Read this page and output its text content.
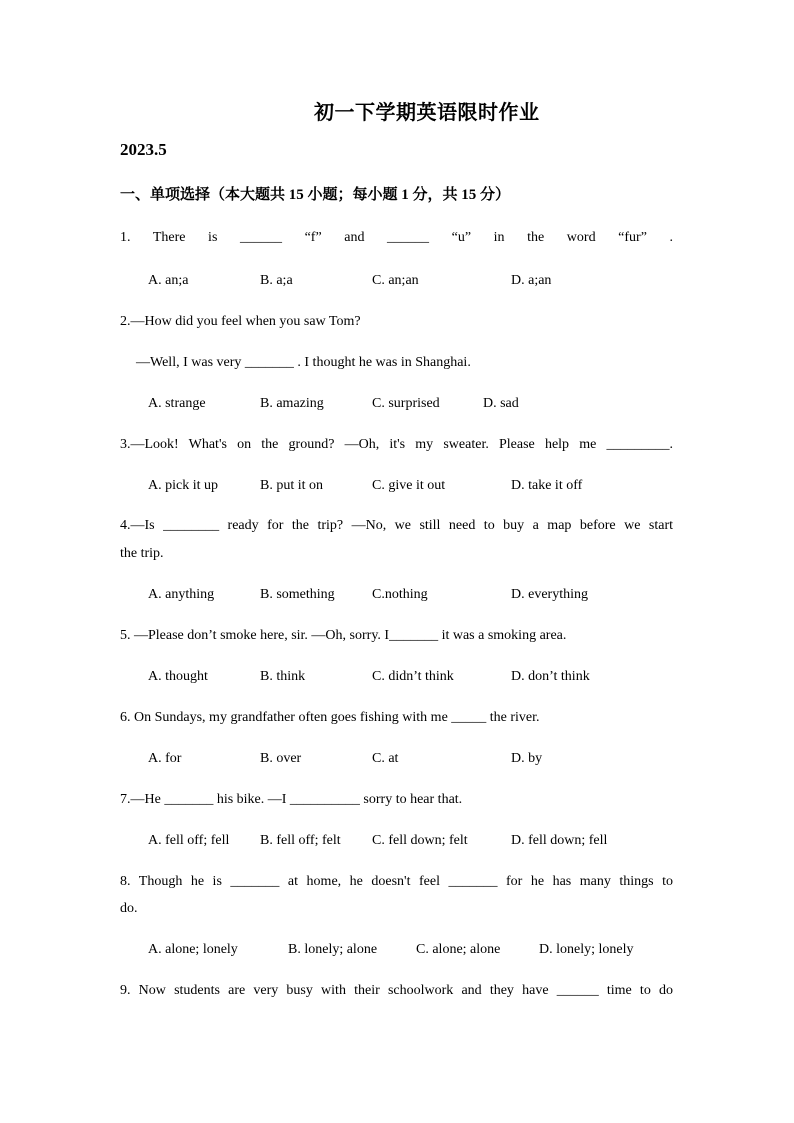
初一下学期英语限时作业
2023.5
一、单项选择（本大题共 15 小题；每小题 1 分，共 15 分）
1. There is ______ “f” and ______ “u” in the word “fur” .
A. an;a	B. a;a	C. an;an	D. a;an
2.—How did you feel when you saw Tom?
—Well, I was very _______ . I thought he was in Shanghai.
A. strange	B. amazing	C. surprised	D. sad
3.—Look! What's on the ground? —Oh, it's my sweater. Please help me _________.
A. pick it up	B. put it on	C. give it out	D. take it off
4.—Is ________ ready for the trip? —No, we still need to buy a map before we start
the trip.
A. anything	B. something	C.nothing	D. everything
5. —Please don’t smoke here, sir. —Oh, sorry. I_______ it was a smoking area.
A. thought	B. think	C. didn’t think	D. don’t think
6. On Sundays, my grandfather often goes fishing with me _____ the river.
A. for	B. over	C. at	D. by
7.—He _______ his bike. —I __________ sorry to hear that.
A. fell off; fell B. fell off; felt C. fell down; felt	D. fell down; fell
8. Though he is _______ at home, he doesn't feel _______ for he has many things to
do.
A. alone; lonely	B. lonely; alone	C. alone; alone	D. lonely; lonely
9. Now students are very busy with their schoolwork and they have ______ time to do
